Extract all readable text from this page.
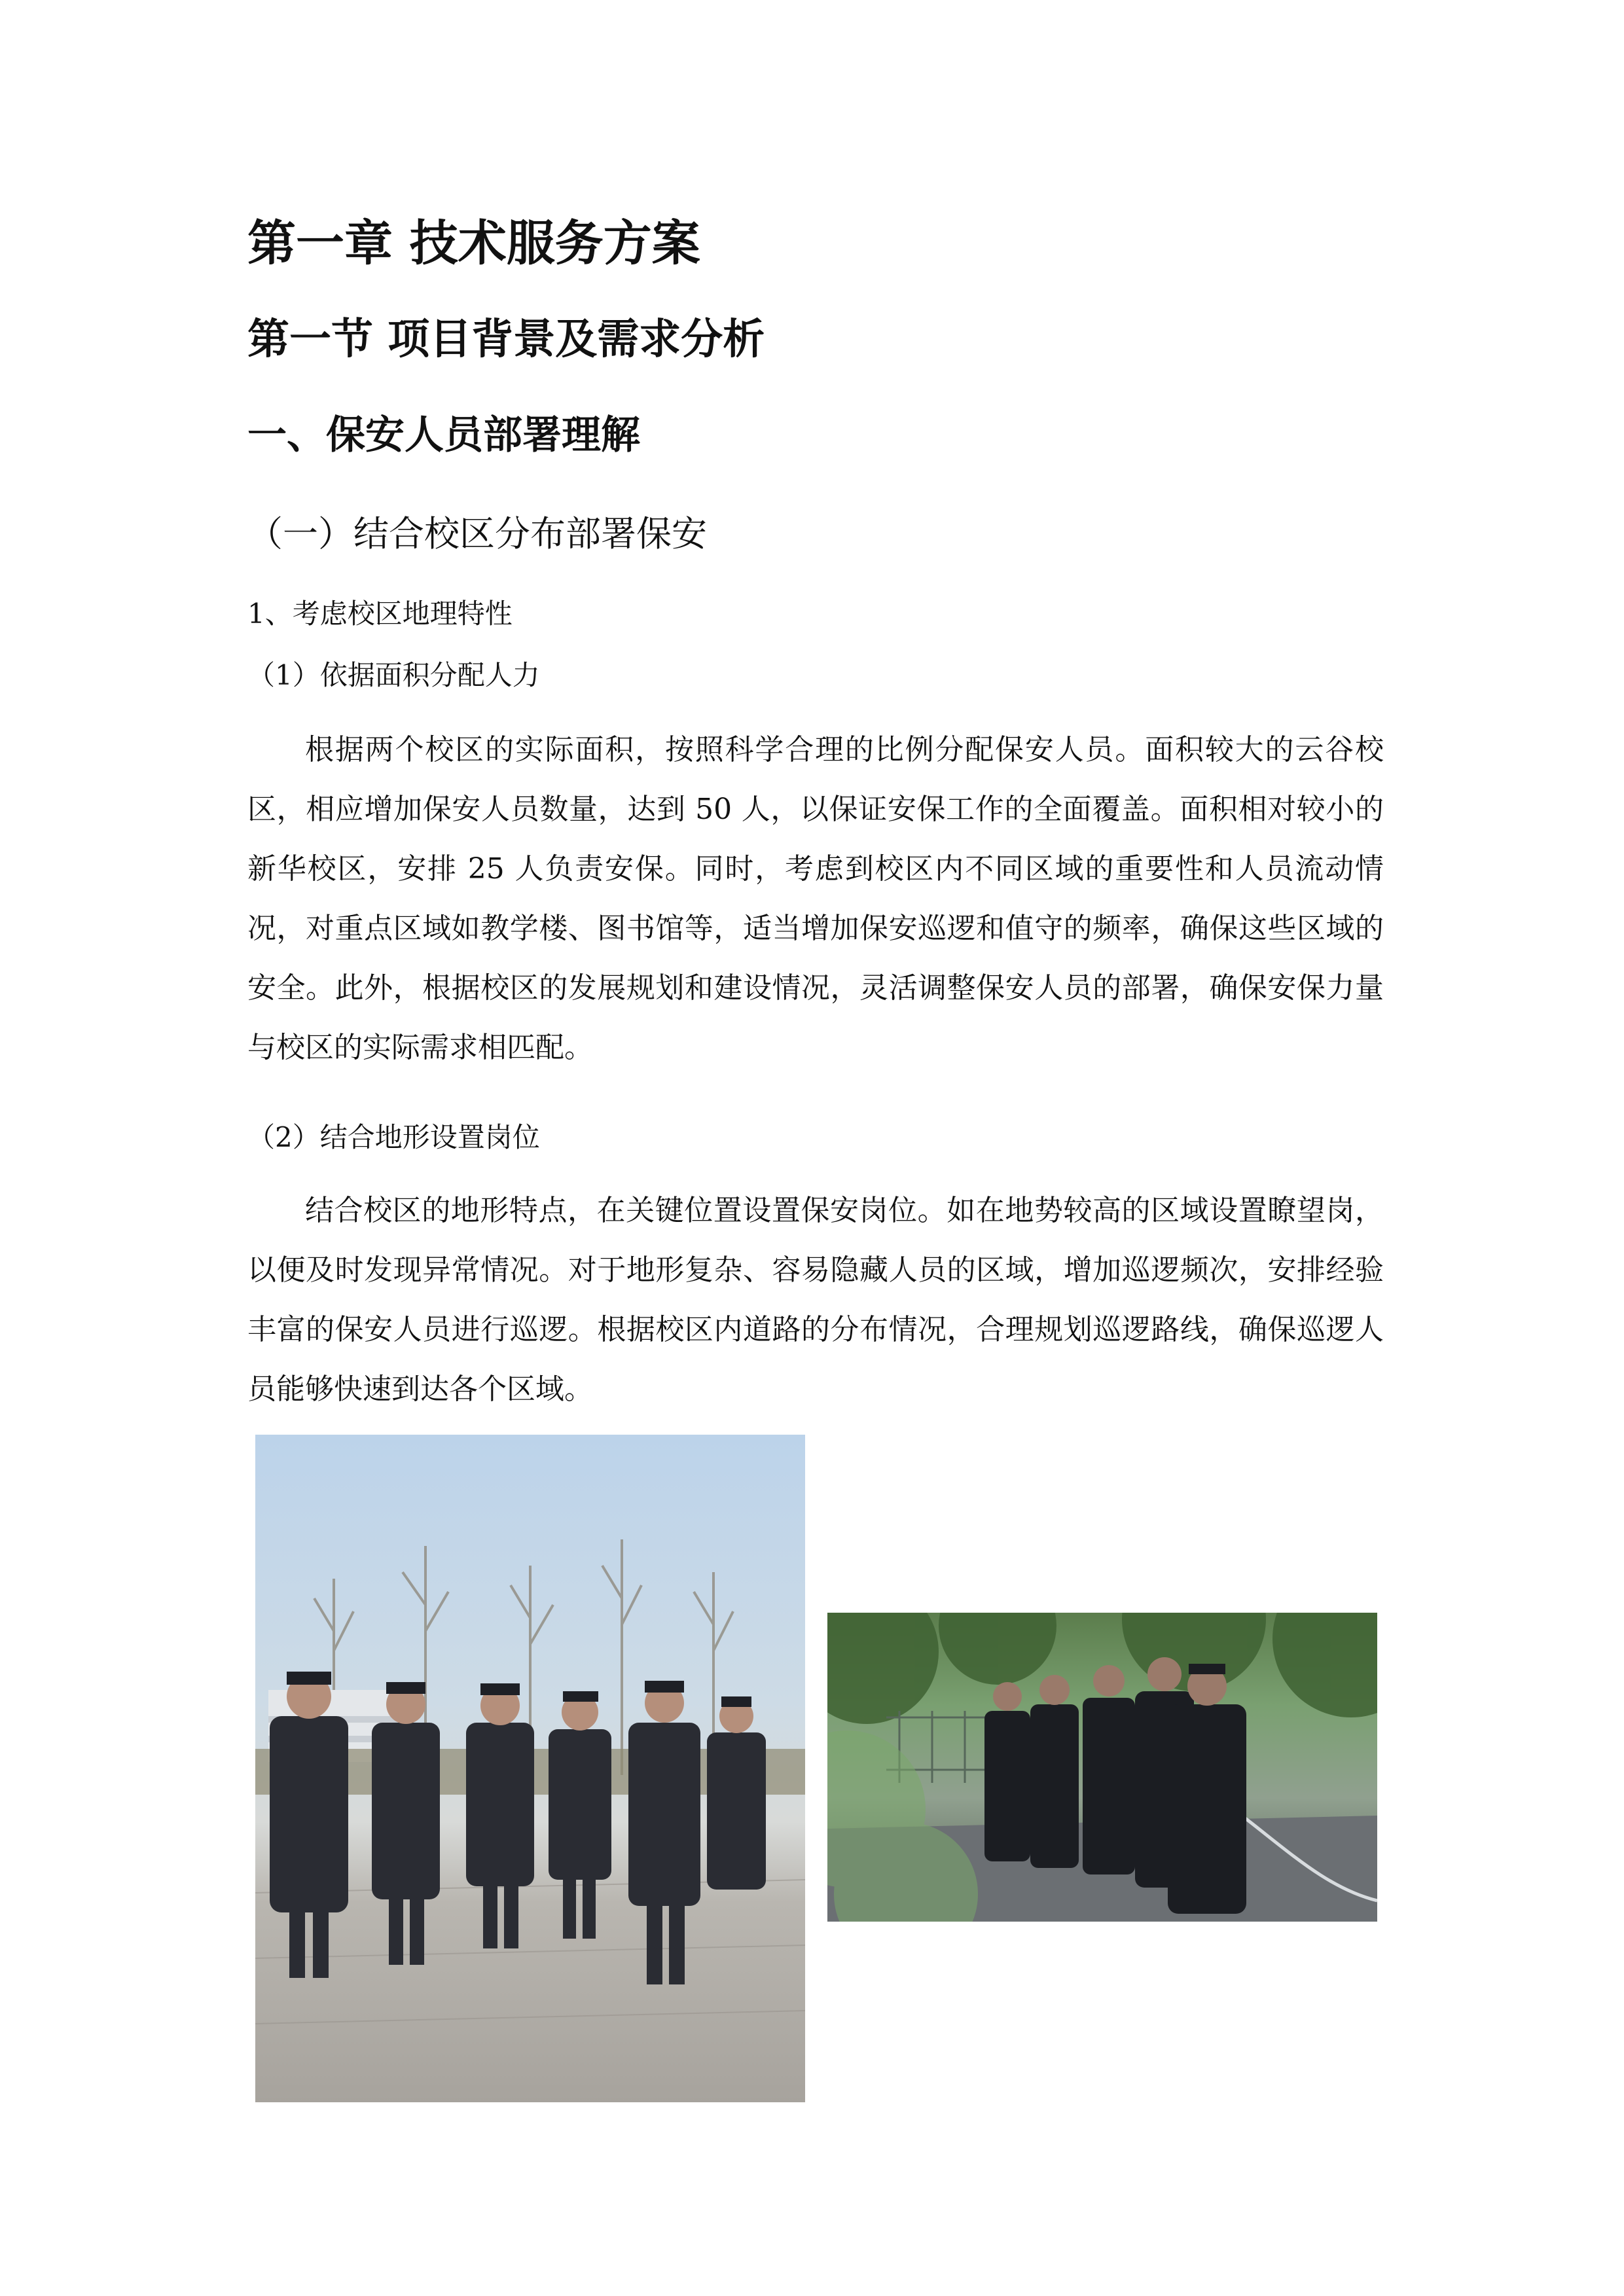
第一章 技术服务方案
第一节 项目背景及需求分析
一、保安人员部署理解
（一）结合校区分布部署保安
1、考虑校区地理特性
（1）依据面积分配人力

根据两个校区的实际面积，按照科学合理的比例分配保安人员。面积较大的云谷校区，相应增加保安人员数量，达到 50 人，以保证安保工作的全面覆盖。面积相对较小的新华校区，安排 25 人负责安保。同时，考虑到校区内不同区域的重要性和人员流动情况，对重点区域如教学楼、图书馆等，适当增加保安巡逻和值守的频率，确保这些区域的安全。此外，根据校区的发展规划和建设情况，灵活调整保安人员的部署，确保安保力量与校区的实际需求相匹配。

（2）结合地形设置岗位

结合校区的地形特点，在关键位置设置保安岗位。如在地势较高的区域设置瞭望岗，以便及时发现异常情况。对于地形复杂、容易隐藏人员的区域，增加巡逻频次，安排经验丰富的保安人员进行巡逻。根据校区内道路的分布情况，合理规划巡逻路线，确保巡逻人员能够快速到达各个区域。
